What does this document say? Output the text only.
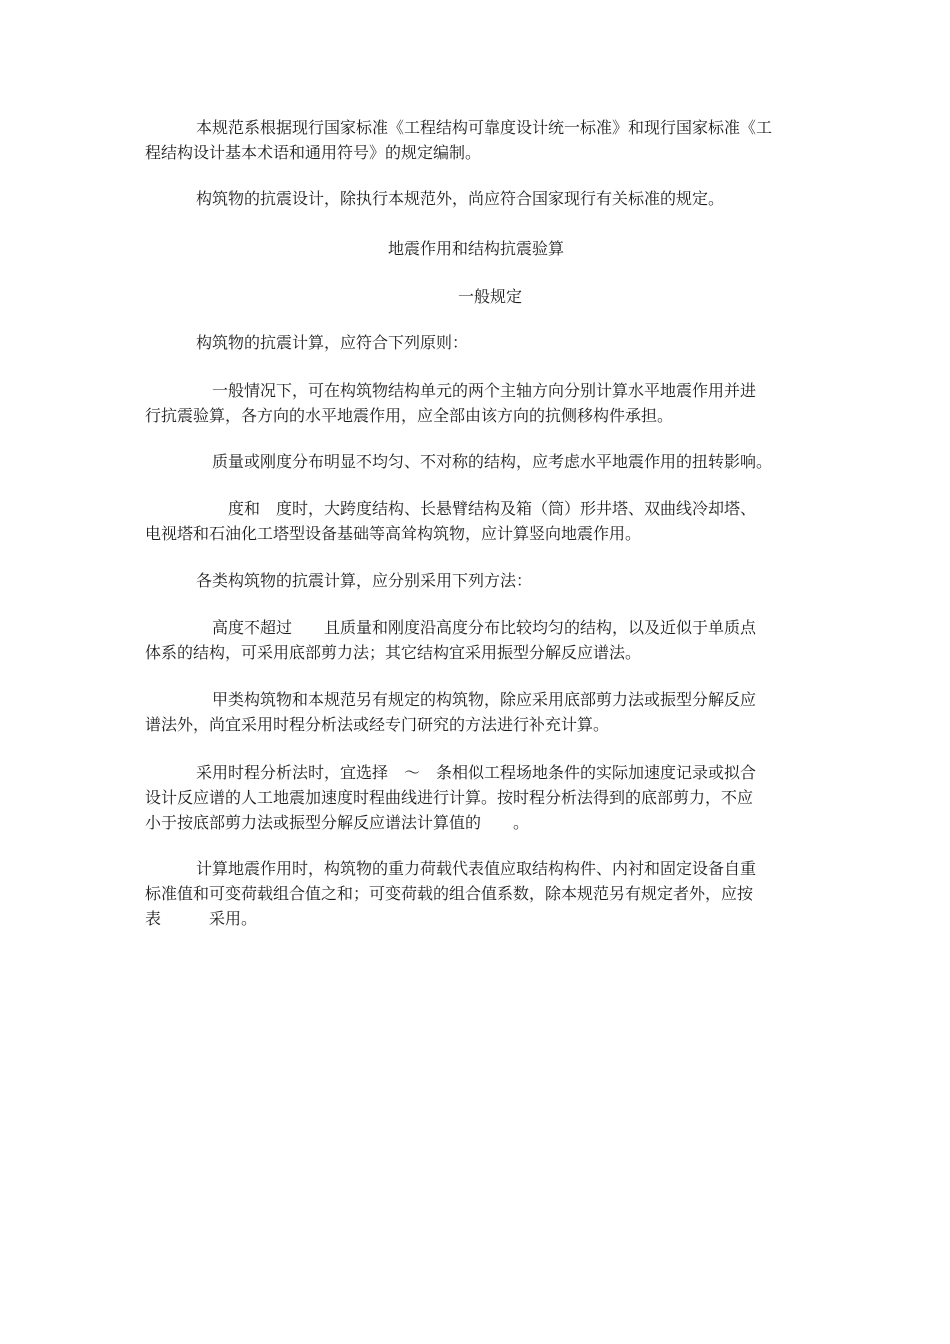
本规范系根据现行国家标准《工程结构可靠度设计统一标准》和现行国家标准《工
程结构设计基本术语和通用符号》的规定编制。

构筑物的抗震设计，除执行本规范外，尚应符合国家现行有关标准的规定。

地震作用和结构抗震验算
一般规定

构筑物的抗震计算，应符合下列原则：

一般情况下，可在构筑物结构单元的两个主轴方向分别计算水平地震作用并进
行抗震验算，各方向的水平地震作用，应全部由该方向的抗侧移构件承担。

质量或刚度分布明显不均匀、不对称的结构，应考虑水平地震作用的扭转影响。

度和　度时，大跨度结构、长悬臂结构及箱（筒）形井塔、双曲线冷却塔、
电视塔和石油化工塔型设备基础等高耸构筑物，应计算竖向地震作用。

各类构筑物的抗震计算，应分别采用下列方法：

高度不超过　　且质量和刚度沿高度分布比较均匀的结构，以及近似于单质点
体系的结构，可采用底部剪力法；其它结构宜采用振型分解反应谱法。

甲类构筑物和本规范另有规定的构筑物，除应采用底部剪力法或振型分解反应
谱法外，尚宜采用时程分析法或经专门研究的方法进行补充计算。

采用时程分析法时，宜选择　～　条相似工程场地条件的实际加速度记录或拟合
设计反应谱的人工地震加速度时程曲线进行计算。按时程分析法得到的底部剪力，不应
小于按底部剪力法或振型分解反应谱法计算值的　　。

计算地震作用时，构筑物的重力荷载代表值应取结构构件、内衬和固定设备自重
标准值和可变荷载组合值之和；可变荷载的组合值系数，除本规范另有规定者外，应按
表　　　采用。
